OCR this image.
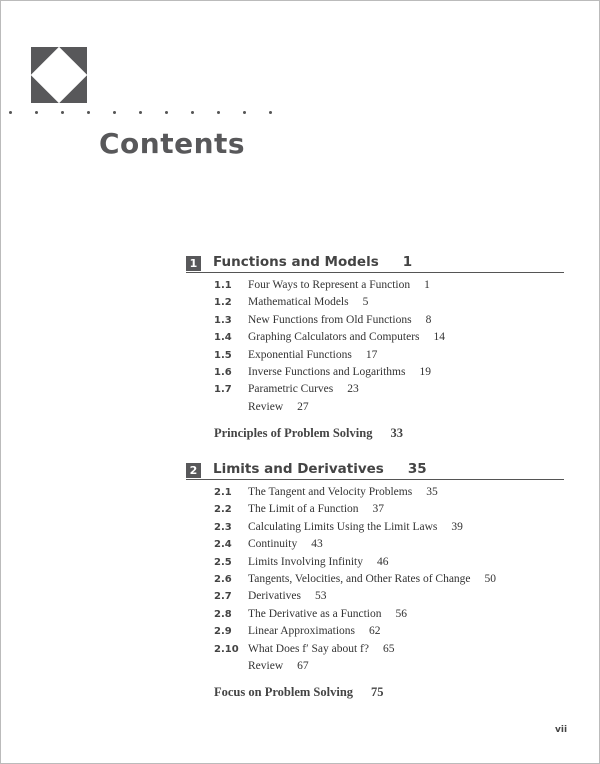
Contents
1 Functions and Models 1
1.1 Four Ways to Represent a Function 1
1.2 Mathematical Models 5
1.3 New Functions from Old Functions 8
1.4 Graphing Calculators and Computers 14
1.5 Exponential Functions 17
1.6 Inverse Functions and Logarithms 19
1.7 Parametric Curves 23
Review 27
Principles of Problem Solving 33
2 Limits and Derivatives 35
2.1 The Tangent and Velocity Problems 35
2.2 The Limit of a Function 37
2.3 Calculating Limits Using the Limit Laws 39
2.4 Continuity 43
2.5 Limits Involving Infinity 46
2.6 Tangents, Velocities, and Other Rates of Change 50
2.7 Derivatives 53
2.8 The Derivative as a Function 56
2.9 Linear Approximations 62
2.10 What Does f′ Say about f? 65
Review 67
Focus on Problem Solving 75
vii
